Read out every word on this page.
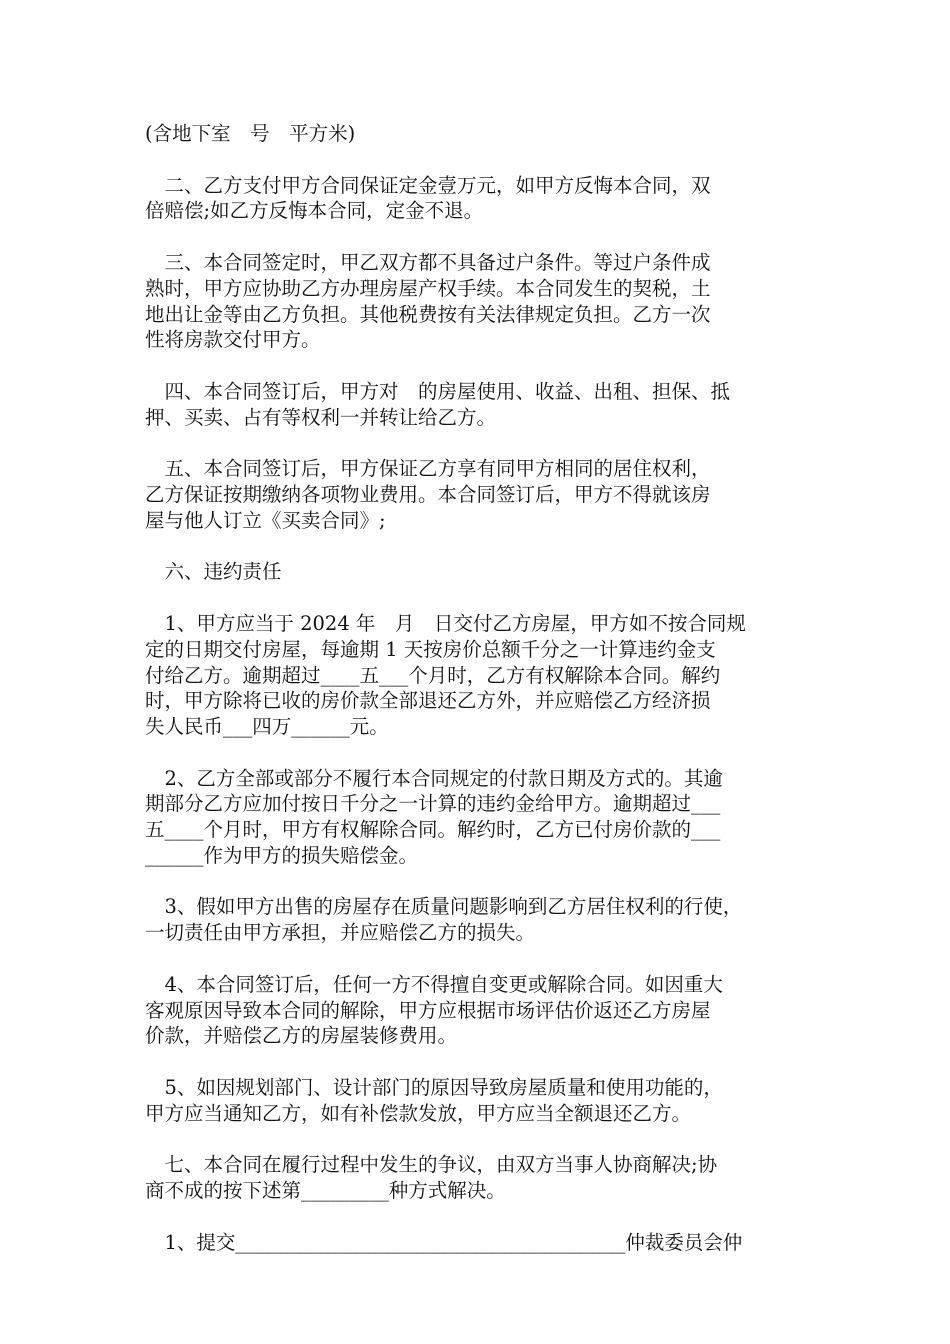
(含地下室　号　平方米)
　二、乙方支付甲方合同保证定金壹万元，如甲方反悔本合同，双
倍赔偿;如乙方反悔本合同，定金不退。
　三、本合同签定时，甲乙双方都不具备过户条件。等过户条件成
熟时，甲方应协助乙方办理房屋产权手续。本合同发生的契税，土
地出让金等由乙方负担。其他税费按有关法律规定负担。乙方一次
性将房款交付甲方。
　四、本合同签订后，甲方对　的房屋使用、收益、出租、担保、抵
押、买卖、占有等权利一并转让给乙方。
　五、本合同签订后，甲方保证乙方享有同甲方相同的居住权利，
乙方保证按期缴纳各项物业费用。本合同签订后，甲方不得就该房
屋与他人订立《买卖合同》;
　六、违约责任
　1、甲方应当于 2024 年　月　日交付乙方房屋，甲方如不按合同规
定的日期交付房屋，每逾期 1 天按房价总额千分之一计算违约金支
付给乙方。逾期超过____五___个月时，乙方有权解除本合同。解约
时，甲方除将已收的房价款全部退还乙方外，并应赔偿乙方经济损
失人民币___四万______元。
　2、乙方全部或部分不履行本合同规定的付款日期及方式的。其逾
期部分乙方应加付按日千分之一计算的违约金给甲方。逾期超过___
五____个月时，甲方有权解除合同。解约时，乙方已付房价款的___
______作为甲方的损失赔偿金。
　3、假如甲方出售的房屋存在质量问题影响到乙方居住权利的行使，
一切责任由甲方承担，并应赔偿乙方的损失。
　4、本合同签订后，任何一方不得擅自变更或解除合同。如因重大
客观原因导致本合同的解除，甲方应根据市场评估价返还乙方房屋
价款，并赔偿乙方的房屋装修费用。
　5、如因规划部门、设计部门的原因导致房屋质量和使用功能的，
甲方应当通知乙方，如有补偿款发放，甲方应当全额退还乙方。
　七、本合同在履行过程中发生的争议，由双方当事人协商解决;协
商不成的按下述第_________种方式解决。
　1、提交________________________________________仲裁委员会仲
